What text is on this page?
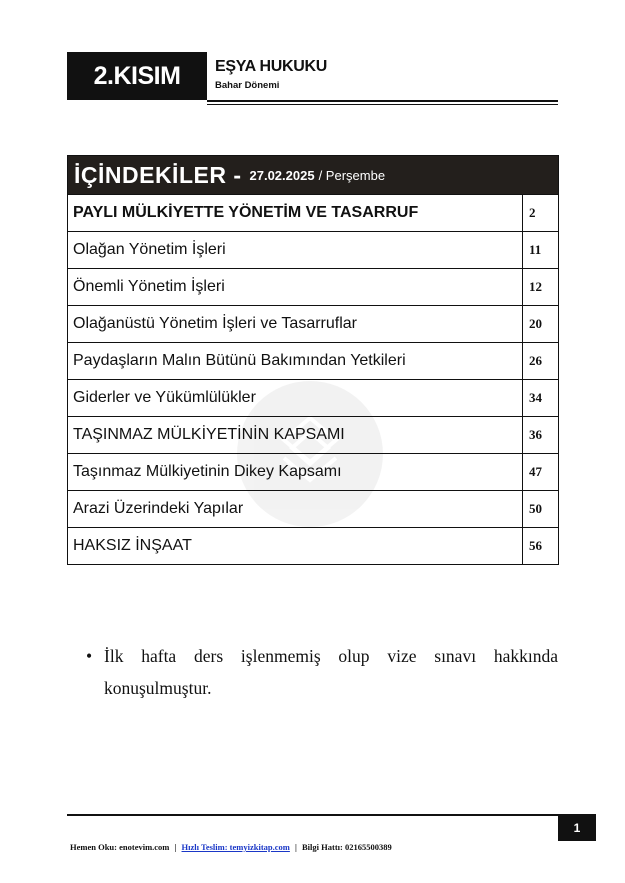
2.KISIM	EŞYA HUKUKU
Bahar Dönemi
İÇİNDEKİLER - 27.02.2025 / Perşembe
PAYLI MÜLKİYETTE YÖNETİM VE TASARRUF	2
Olağan Yönetim İşleri	11
Önemli Yönetim İşleri	12
Olağanüstü Yönetim İşleri ve Tasarruflar	20
Paydaşların Malın Bütünü Bakımından Yetkileri	26
Giderler ve Yükümlülükler	34
TAŞINMAZ MÜLKİYETİNİN KAPSAMI	36
Taşınmaz Mülkiyetinin Dikey Kapsamı	47
Arazi Üzerindeki Yapılar	50
HAKSIZ İNŞAAT	56
• İlk hafta ders işlenmemiş olup vize sınavı hakkında konuşulmuştur.
1
Hemen Oku: enotevim.com | Hızlı Teslim: temyizkitap.com | Bilgi Hattı: 02165500389
